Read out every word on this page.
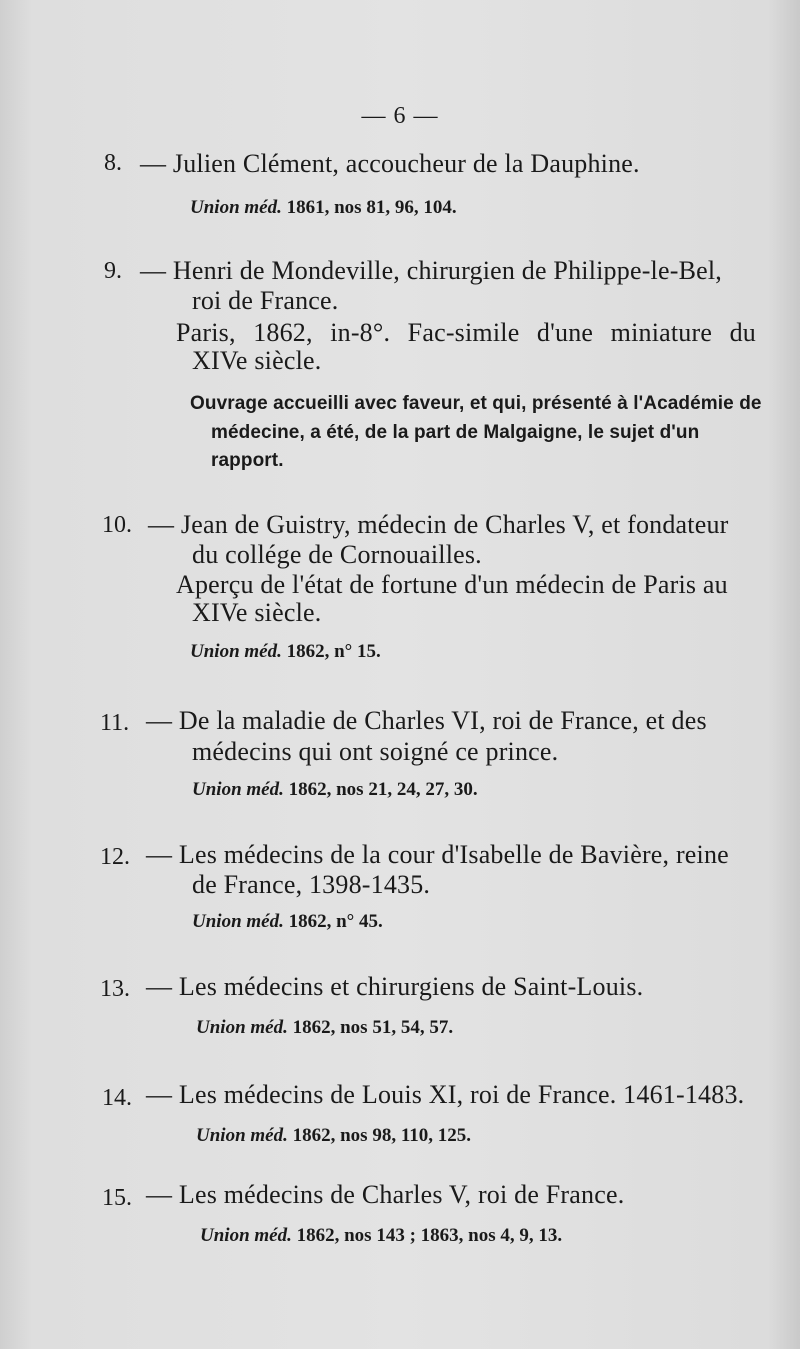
— 6 —
8. — Julien Clément, accoucheur de la Dauphine.
Union méd. 1861, nos 81, 96, 104.
9. — Henri de Mondeville, chirurgien de Philippe-le-Bel,
roi de France.
Paris, 1862, in-8°. Fac-simile d'une miniature du
XIVe siècle.
Ouvrage accueilli avec faveur, et qui, présenté à l'Académie de
médecine, a été, de la part de Malgaigne, le sujet d'un
rapport.
10. — Jean de Guistry, médecin de Charles V, et fondateur
du collége de Cornouailles.
Aperçu de l'état de fortune d'un médecin de Paris au
XIVe siècle.
Union méd. 1862, n° 15.
11. — De la maladie de Charles VI, roi de France, et des
médecins qui ont soigné ce prince.
Union méd. 1862, nos 21, 24, 27, 30.
12. — Les médecins de la cour d'Isabelle de Bavière, reine
de France, 1398-1435.
Union méd. 1862, n° 45.
13. — Les médecins et chirurgiens de Saint-Louis.
Union méd. 1862, nos 51, 54, 57.
14. — Les médecins de Louis XI, roi de France. 1461-1483.
Union méd. 1862, nos 98, 110, 125.
15. — Les médecins de Charles V, roi de France.
Union méd. 1862, nos 143 ; 1863, nos 4, 9, 13.
